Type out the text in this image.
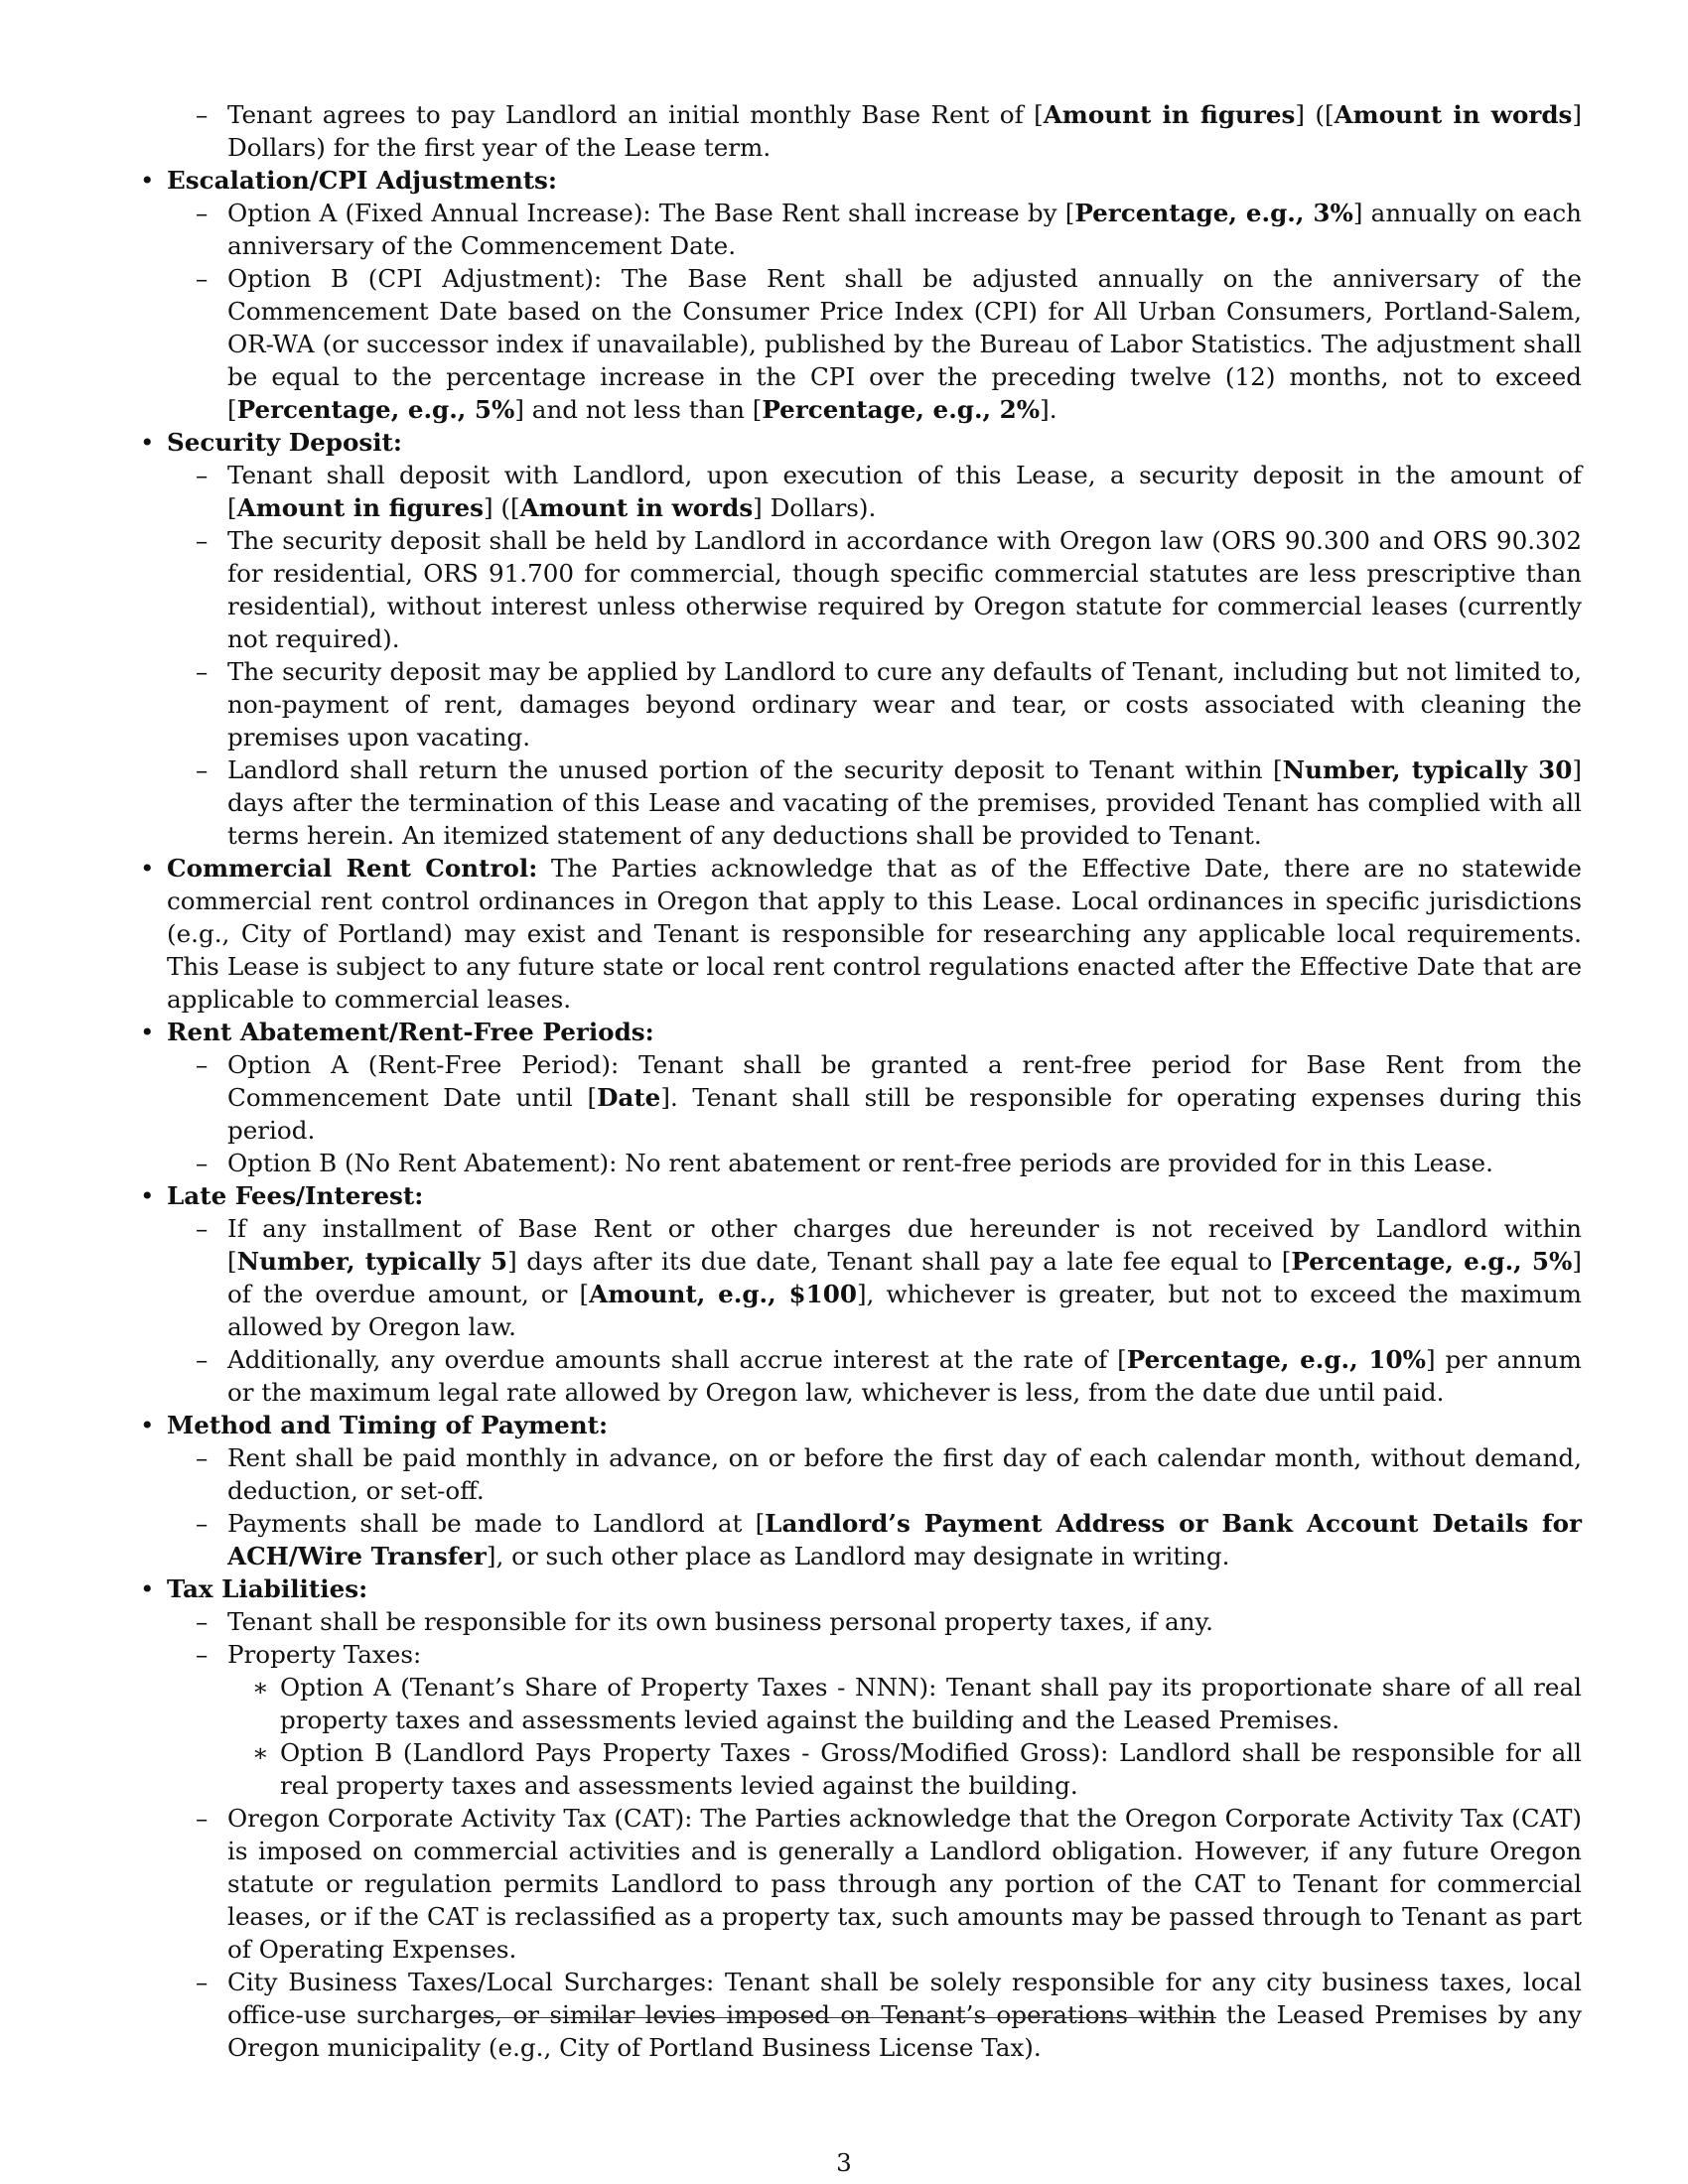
– Tenant agrees to pay Landlord an initial monthly Base Rent of [Amount in figures] ([Amount in words] Dollars) for the first year of the Lease term.
• Escalation/CPI Adjustments:
– Option A (Fixed Annual Increase): The Base Rent shall increase by [Percentage, e.g., 3%] annually on each anniversary of the Commencement Date.
– Option B (CPI Adjustment): The Base Rent shall be adjusted annually on the anniversary of the Commencement Date based on the Consumer Price Index (CPI) for All Urban Consumers, Portland-Salem, OR-WA (or successor index if unavailable), published by the Bureau of Labor Statistics. The adjustment shall be equal to the percentage increase in the CPI over the preceding twelve (12) months, not to exceed [Percentage, e.g., 5%] and not less than [Percentage, e.g., 2%].
• Security Deposit:
– Tenant shall deposit with Landlord, upon execution of this Lease, a security deposit in the amount of [Amount in figures] ([Amount in words] Dollars).
– The security deposit shall be held by Landlord in accordance with Oregon law (ORS 90.300 and ORS 90.302 for residential, ORS 91.700 for commercial, though specific commercial statutes are less prescriptive than residential), without interest unless otherwise required by Oregon statute for commercial leases (currently not required).
– The security deposit may be applied by Landlord to cure any defaults of Tenant, including but not limited to, non-payment of rent, damages beyond ordinary wear and tear, or costs associated with cleaning the premises upon vacating.
– Landlord shall return the unused portion of the security deposit to Tenant within [Number, typically 30] days after the termination of this Lease and vacating of the premises, provided Tenant has complied with all terms herein. An itemized statement of any deductions shall be provided to Tenant.
• Commercial Rent Control: The Parties acknowledge that as of the Effective Date, there are no statewide commercial rent control ordinances in Oregon that apply to this Lease. Local ordinances in specific jurisdictions (e.g., City of Portland) may exist and Tenant is responsible for researching any applicable local requirements. This Lease is subject to any future state or local rent control regulations enacted after the Effective Date that are applicable to commercial leases.
• Rent Abatement/Rent-Free Periods:
– Option A (Rent-Free Period): Tenant shall be granted a rent-free period for Base Rent from the Commencement Date until [Date]. Tenant shall still be responsible for operating expenses during this period.
– Option B (No Rent Abatement): No rent abatement or rent-free periods are provided for in this Lease.
• Late Fees/Interest:
– If any installment of Base Rent or other charges due hereunder is not received by Landlord within [Number, typically 5] days after its due date, Tenant shall pay a late fee equal to [Percentage, e.g., 5%] of the overdue amount, or [Amount, e.g., $100], whichever is greater, but not to exceed the maximum allowed by Oregon law.
– Additionally, any overdue amounts shall accrue interest at the rate of [Percentage, e.g., 10%] per annum or the maximum legal rate allowed by Oregon law, whichever is less, from the date due until paid.
• Method and Timing of Payment:
– Rent shall be paid monthly in advance, on or before the first day of each calendar month, without demand, deduction, or set-off.
– Payments shall be made to Landlord at [Landlord’s Payment Address or Bank Account Details for ACH/Wire Transfer], or such other place as Landlord may designate in writing.
• Tax Liabilities:
– Tenant shall be responsible for its own business personal property taxes, if any.
– Property Taxes:
∗ Option A (Tenant’s Share of Property Taxes - NNN): Tenant shall pay its proportionate share of all real property taxes and assessments levied against the building and the Leased Premises.
∗ Option B (Landlord Pays Property Taxes - Gross/Modified Gross): Landlord shall be responsible for all real property taxes and assessments levied against the building.
– Oregon Corporate Activity Tax (CAT): The Parties acknowledge that the Oregon Corporate Activity Tax (CAT) is imposed on commercial activities and is generally a Landlord obligation. However, if any future Oregon statute or regulation permits Landlord to pass through any portion of the CAT to Tenant for commercial leases, or if the CAT is reclassified as a property tax, such amounts may be passed through to Tenant as part of Operating Expenses.
– City Business Taxes/Local Surcharges: Tenant shall be solely responsible for any city business taxes, local office-use surcharges, or similar levies imposed on Tenant’s operations within the Leased Premises by any Oregon municipality (e.g., City of Portland Business License Tax).
3
